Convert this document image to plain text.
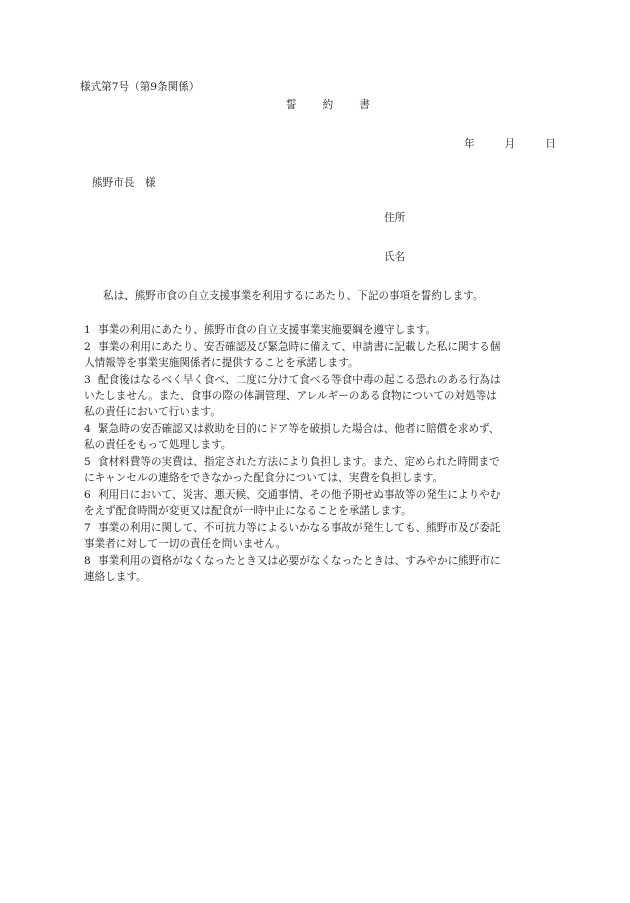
様式第7号（第9条関係）
誓 約 書
年	月	日
熊野市長　様
住所
氏名
私は、熊野市食の自立支援事業を利用するにあたり、下記の事項を誓約します。
1 事業の利用にあたり、熊野市食の自立支援事業実施要綱を遵守します。
2 事業の利用にあたり、安否確認及び緊急時に備えて、申請書に記載した私に関する個
人情報等を事業実施関係者に提供することを承諾します。
3 配食後はなるべく早く食べ、二度に分けて食べる等食中毒の起こる恐れのある行為は
いたしません。また、食事の際の体調管理、アレルギーのある食物についての対処等は
私の責任において行います。
4 緊急時の安否確認又は救助を目的にドア等を破損した場合は、他者に賠償を求めず、
私の責任をもって処理します。
5 食材料費等の実費は、指定された方法により負担します。また、定められた時間まで
にキャンセルの連絡をできなかった配食分については、実費を負担します。
6 利用日において、災害、悪天候、交通事情、その他予期せぬ事故等の発生によりやむ
をえず配食時間が変更又は配食が一時中止になることを承諾します。
7 事業の利用に関して、不可抗力等によるいかなる事故が発生しても、熊野市及び委託
事業者に対して一切の責任を問いません。
8 事業利用の資格がなくなったとき又は必要がなくなったときは、すみやかに熊野市に
連絡します。
